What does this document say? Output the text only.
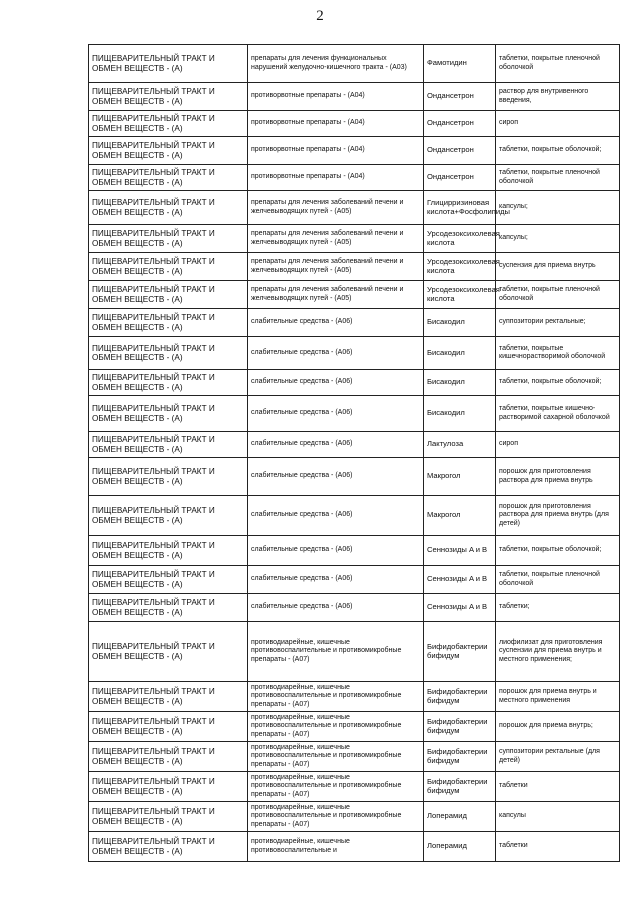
2
ПИЩЕВАРИТЕЛЬНЫЙ ТРАКТ И ОБМЕН ВЕЩЕСТВ - (A)	препараты для лечения функциональных нарушений желудочно-кишечного тракта - (A03)	Фамотидин	таблетки, покрытые пленочной оболочкой
ПИЩЕВАРИТЕЛЬНЫЙ ТРАКТ И ОБМЕН ВЕЩЕСТВ - (A)	противорвотные препараты - (A04)	Ондансетрон	раствор для внутривенного введения,
ПИЩЕВАРИТЕЛЬНЫЙ ТРАКТ И ОБМЕН ВЕЩЕСТВ - (A)	противорвотные препараты - (A04)	Ондансетрон	сироп
ПИЩЕВАРИТЕЛЬНЫЙ ТРАКТ И ОБМЕН ВЕЩЕСТВ - (A)	противорвотные препараты - (A04)	Ондансетрон	таблетки, покрытые оболочкой;
ПИЩЕВАРИТЕЛЬНЫЙ ТРАКТ И ОБМЕН ВЕЩЕСТВ - (A)	противорвотные препараты - (A04)	Ондансетрон	таблетки, покрытые пленочной оболочкой
ПИЩЕВАРИТЕЛЬНЫЙ ТРАКТ И ОБМЕН ВЕЩЕСТВ - (A)	препараты для лечения заболеваний печени и желчевыводящих путей - (A05)	Глицирризиновая кислота+Фосфолипиды	капсулы;
ПИЩЕВАРИТЕЛЬНЫЙ ТРАКТ И ОБМЕН ВЕЩЕСТВ - (A)	препараты для лечения заболеваний печени и желчевыводящих путей - (A05)	Урсодезоксихолевая кислота	капсулы;
ПИЩЕВАРИТЕЛЬНЫЙ ТРАКТ И ОБМЕН ВЕЩЕСТВ - (A)	препараты для лечения заболеваний печени и желчевыводящих путей - (A05)	Урсодезоксихолевая кислота	суспензия для приема внутрь
ПИЩЕВАРИТЕЛЬНЫЙ ТРАКТ И ОБМЕН ВЕЩЕСТВ - (A)	препараты для лечения заболеваний печени и желчевыводящих путей - (A05)	Урсодезоксихолевая кислота	таблетки, покрытые пленочной оболочкой
ПИЩЕВАРИТЕЛЬНЫЙ ТРАКТ И ОБМЕН ВЕЩЕСТВ - (A)	слабительные средства - (A06)	Бисакодил	суппозитории ректальные;
ПИЩЕВАРИТЕЛЬНЫЙ ТРАКТ И ОБМЕН ВЕЩЕСТВ - (A)	слабительные средства - (A06)	Бисакодил	таблетки, покрытые кишечнорастворимой оболочкой
ПИЩЕВАРИТЕЛЬНЫЙ ТРАКТ И ОБМЕН ВЕЩЕСТВ - (A)	слабительные средства - (A06)	Бисакодил	таблетки, покрытые оболочкой;
ПИЩЕВАРИТЕЛЬНЫЙ ТРАКТ И ОБМЕН ВЕЩЕСТВ - (A)	слабительные средства - (A06)	Бисакодил	таблетки, покрытые кишечно-растворимой сахарной оболочкой
ПИЩЕВАРИТЕЛЬНЫЙ ТРАКТ И ОБМЕН ВЕЩЕСТВ - (A)	слабительные средства - (A06)	Лактулоза	сироп
ПИЩЕВАРИТЕЛЬНЫЙ ТРАКТ И ОБМЕН ВЕЩЕСТВ - (A)	слабительные средства - (A06)	Макрогол	порошок для приготовления раствора для приема внутрь
ПИЩЕВАРИТЕЛЬНЫЙ ТРАКТ И ОБМЕН ВЕЩЕСТВ - (A)	слабительные средства - (A06)	Макрогол	порошок для приготовления раствора для приема внутрь (для детей)
ПИЩЕВАРИТЕЛЬНЫЙ ТРАКТ И ОБМЕН ВЕЩЕСТВ - (A)	слабительные средства - (A06)	Сеннозиды A и B	таблетки, покрытые оболочкой;
ПИЩЕВАРИТЕЛЬНЫЙ ТРАКТ И ОБМЕН ВЕЩЕСТВ - (A)	слабительные средства - (A06)	Сеннозиды A и B	таблетки, покрытые пленочной оболочкой
ПИЩЕВАРИТЕЛЬНЫЙ ТРАКТ И ОБМЕН ВЕЩЕСТВ - (A)	слабительные средства - (A06)	Сеннозиды A и B	таблетки;
ПИЩЕВАРИТЕЛЬНЫЙ ТРАКТ И ОБМЕН ВЕЩЕСТВ - (A)	противодиарейные, кишечные противовоспалительные и противомикробные препараты - (A07)	Бифидобактерии бифидум	лиофилизат для приготовления суспензии для приема внутрь и местного применения;
ПИЩЕВАРИТЕЛЬНЫЙ ТРАКТ И ОБМЕН ВЕЩЕСТВ - (A)	противодиарейные, кишечные противовоспалительные и противомикробные препараты - (A07)	Бифидобактерии бифидум	порошок для приема внутрь и местного применения
ПИЩЕВАРИТЕЛЬНЫЙ ТРАКТ И ОБМЕН ВЕЩЕСТВ - (A)	противодиарейные, кишечные противовоспалительные и противомикробные препараты - (A07)	Бифидобактерии бифидум	порошок для приема внутрь;
ПИЩЕВАРИТЕЛЬНЫЙ ТРАКТ И ОБМЕН ВЕЩЕСТВ - (A)	противодиарейные, кишечные противовоспалительные и противомикробные препараты - (A07)	Бифидобактерии бифидум	суппозитории ректальные (для детей)
ПИЩЕВАРИТЕЛЬНЫЙ ТРАКТ И ОБМЕН ВЕЩЕСТВ - (A)	противодиарейные, кишечные противовоспалительные и противомикробные препараты - (A07)	Бифидобактерии бифидум	таблетки
ПИЩЕВАРИТЕЛЬНЫЙ ТРАКТ И ОБМЕН ВЕЩЕСТВ - (A)	противодиарейные, кишечные противовоспалительные и противомикробные препараты - (A07)	Лоперамид	капсулы
ПИЩЕВАРИТЕЛЬНЫЙ ТРАКТ И ОБМЕН ВЕЩЕСТВ - (A)	противодиарейные, кишечные противовоспалительные и	Лоперамид	таблетки
